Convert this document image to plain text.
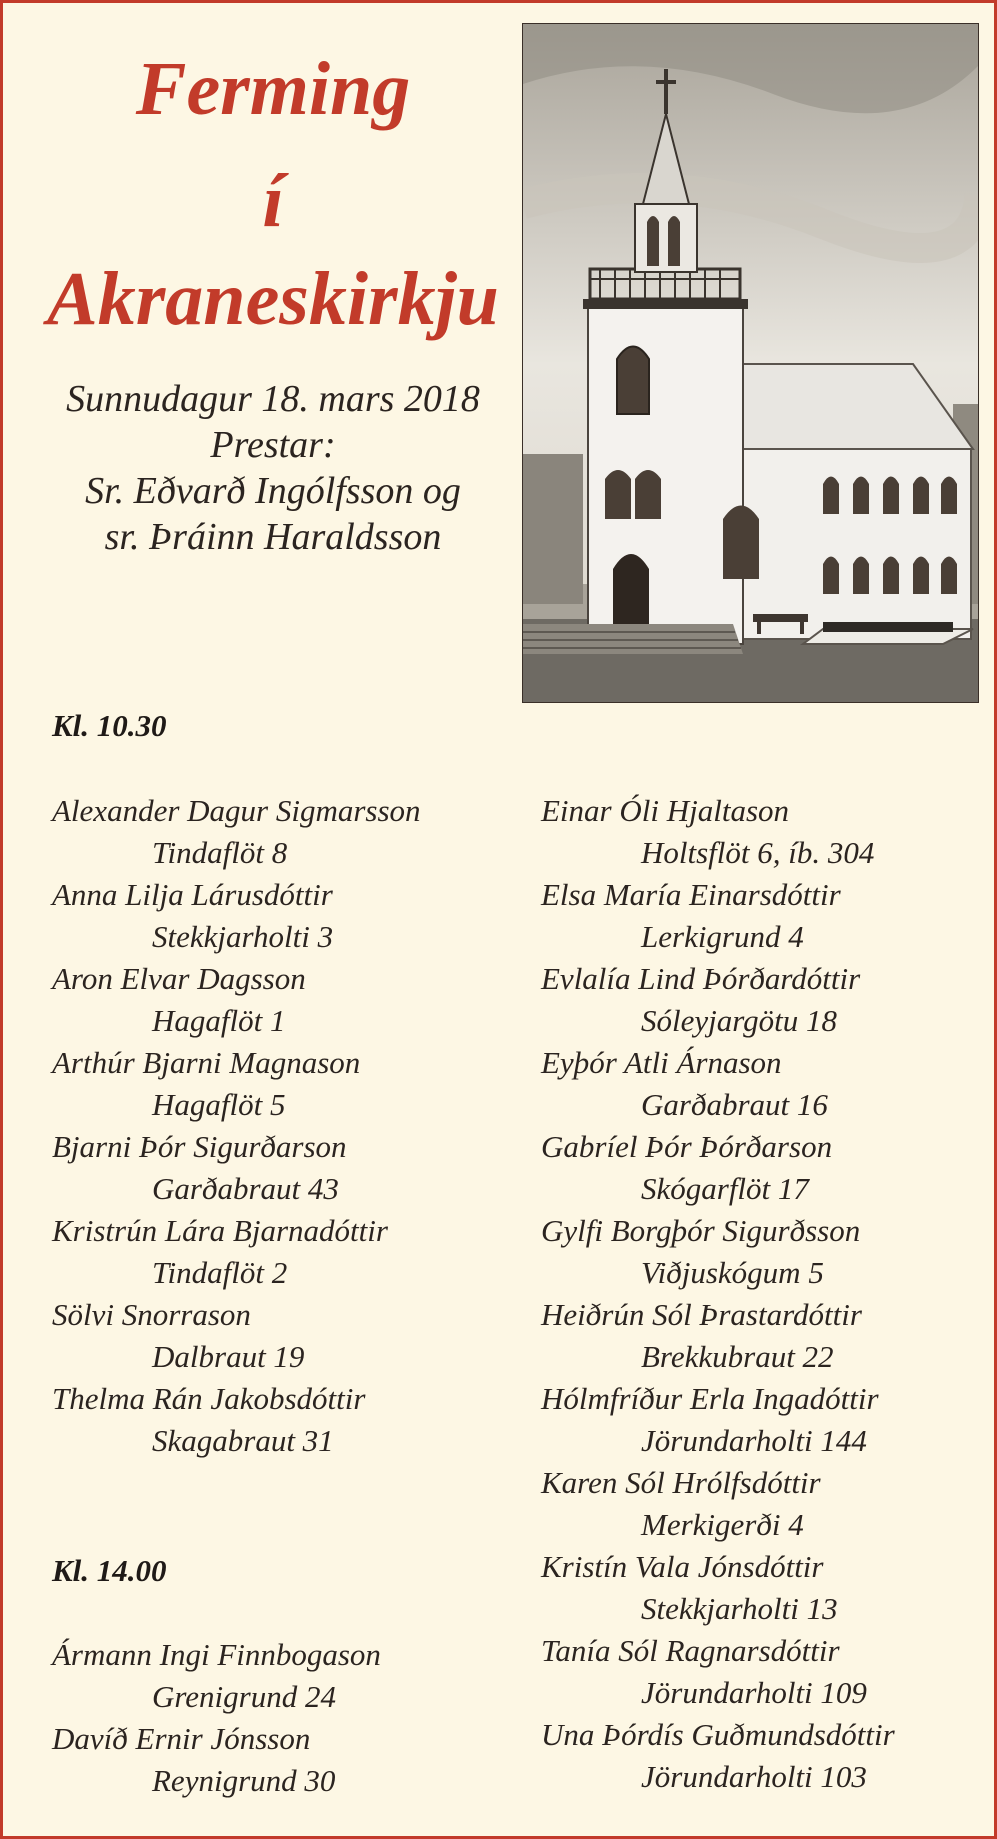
Ferming
í
Akraneskirkju
Sunnudagur 18. mars 2018
Prestar:
Sr. Eðvarð Ingólfsson og
sr. Þráinn Haraldsson
Kl. 10.30
Alexander Dagur Sigmarsson
Tindaflöt 8
Anna Lilja Lárusdóttir
Stekkjarholti 3
Aron Elvar Dagsson
Hagaflöt 1
Arthúr Bjarni Magnason
Hagaflöt 5
Bjarni Þór Sigurðarson
Garðabraut 43
Kristrún Lára Bjarnadóttir
Tindaflöt 2
Sölvi Snorrason
Dalbraut 19
Thelma Rán Jakobsdóttir
Skagabraut 31
Kl. 14.00
Ármann Ingi Finnbogason
Grenigrund 24
Davíð Ernir Jónsson
Reynigrund 30
Einar Óli Hjaltason
Holtsflöt 6, íb. 304
Elsa María Einarsdóttir
Lerkigrund 4
Evlalía Lind Þórðardóttir
Sóleyjargötu 18
Eyþór Atli Árnason
Garðabraut 16
Gabríel Þór Þórðarson
Skógarflöt 17
Gylfi Borgþór Sigurðsson
Viðjuskógum 5
Heiðrún Sól Þrastardóttir
Brekkubraut 22
Hólmfríður Erla Ingadóttir
Jörundarholti 144
Karen Sól Hrólfsdóttir
Merkigerði 4
Kristín Vala Jónsdóttir
Stekkjarholti 13
Tanía Sól Ragnarsdóttir
Jörundarholti 109
Una Þórdís Guðmundsdóttir
Jörundarholti 103
